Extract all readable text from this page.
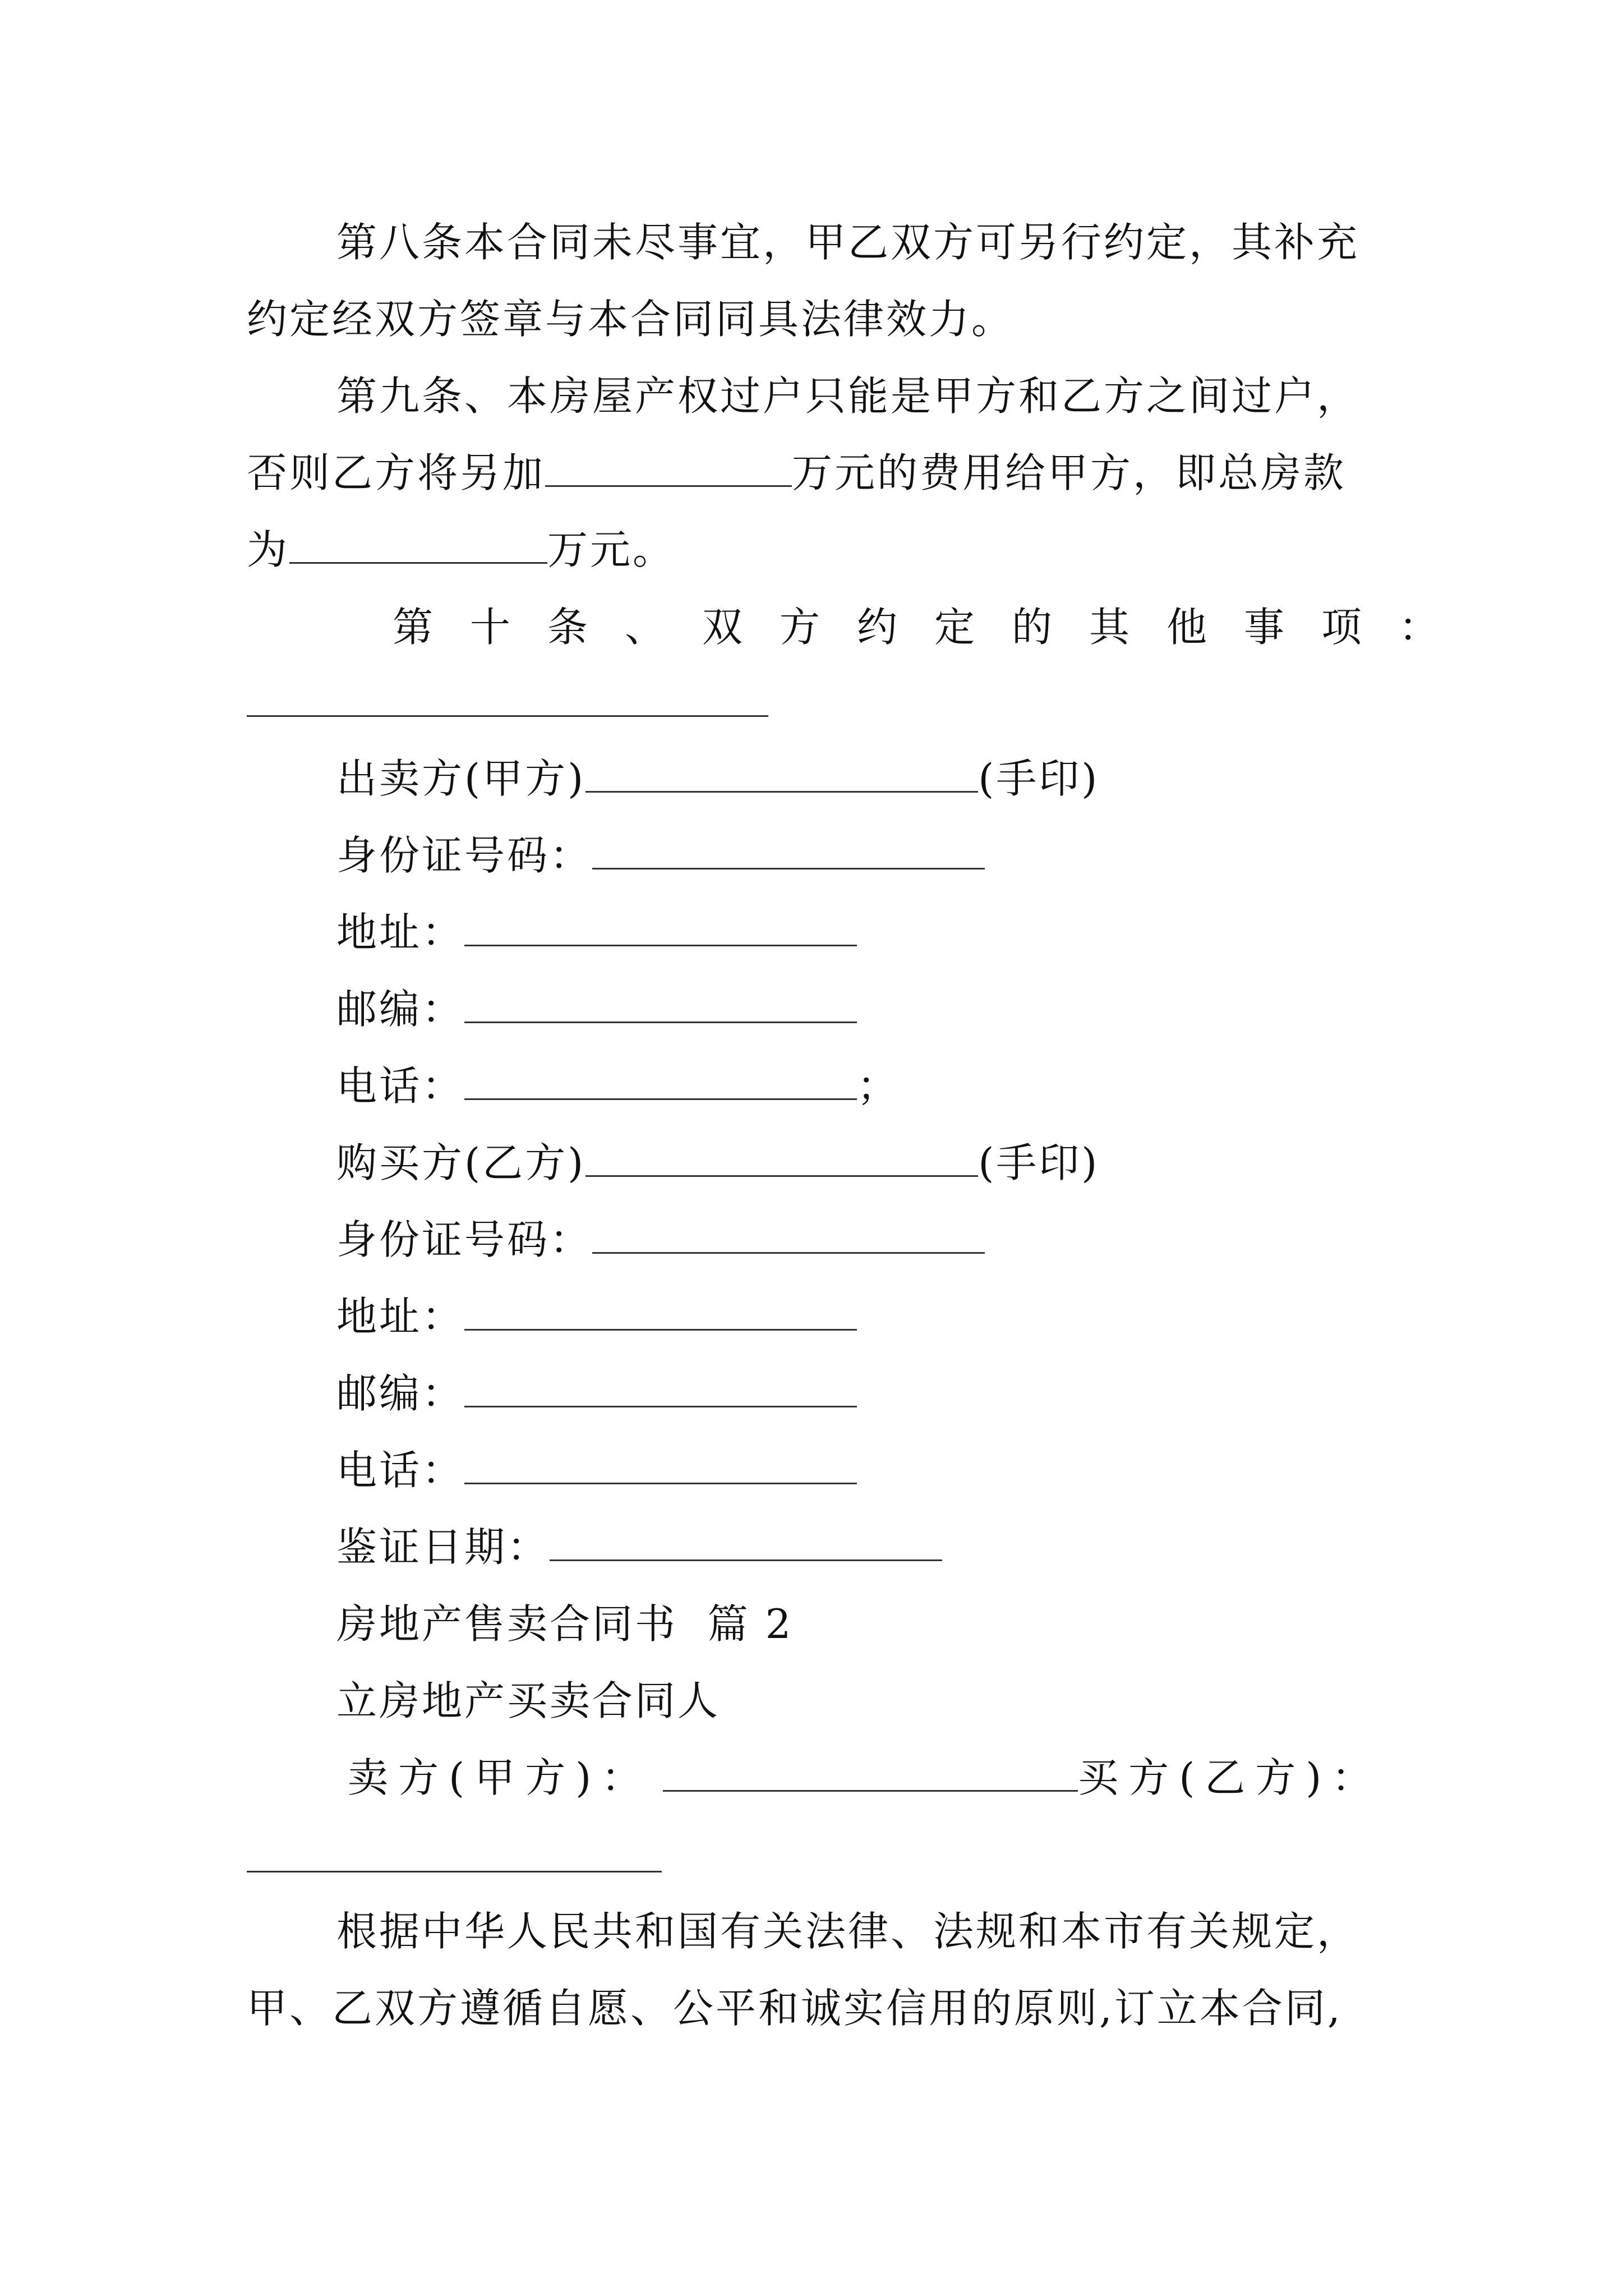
第八条本合同未尽事宜，甲乙双方可另行约定，其补充
约定经双方签章与本合同同具法律效力。
第九条、本房屋产权过户只能是甲方和乙方之间过户，
否则乙方将另加	万元的费用给甲方，即总房款
为	万元。
第十条、双方约定的其他事项：
出卖方(甲方)	(手印)
身份证号码：
地址：
邮编：
电话：	；
购买方(乙方)	(手印)
身份证号码：
地址：
邮编：
电话：
鉴证日期：
房地产售卖合同书  篇 2
立房地产买卖合同人
卖方(甲方)：	买方(乙方)：
根据中华人民共和国有关法律、法规和本市有关规定，
甲、乙双方遵循自愿、公平和诚实信用的原则,订立本合同,
